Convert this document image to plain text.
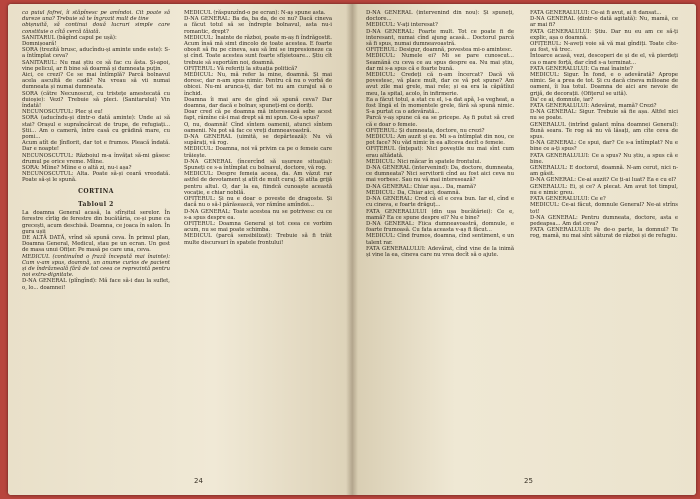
ca puiul fofrei, îi stăpînesc pe amîndoi. Cit poate să dureze una? Trebuie să te îngrozit mult de tine

obișnuită, să continui două lucruri simple care constituie o cîtă cercă tăiată.

SANITARUL (băgînd capul pe ușă):

Domnișoară!

SORA (trezită brusc, aducîndu-și aminte unde este): S-a întîmplat ceva?

SANITARUL: Nu mai știu ce să fac cu ăsta. Și-apoi, vine pelicul, ar fi bine să doarmă și dumneata puțin.

Aici, ce crezi? Ce se mai întîmplă? Parcă bolnavul acela ascultă de cadă? Nu vreau să vii numai dumneata și numai dumneata.

SORA (către Necunoscut, cu tristețe amestecată cu duioșie): Vezi? Trebuie să pleci. (Sanitarului) Vin îndată!

NECUNOSCUTUL: Plec și eu!

SORA (aducîndu-și dintr-o dată aminte): Unde ai să stai? Orașul e supraîncărcat de trupe, de refugiați... Știi... Am o cameră, între casă cu grădină mare, cu pomi...

Acum atît de ]înflorit, dar tot e frumos. Pleacă îndată. Dar e noapte!

NECUNOSCUTUL: Războiul m-a învățat să-mi găsesc drumul pe orice vreme. Mîine.

SORA: Mîine? Mîine e o altă zi, nu-i așa?

NECUNOSCUTUL: Alta. Poate să-și ceară vreodată. Poate să-și le spună.

CORTINA

Tabloul 2

La doamna General acasă, la sfîrșitul serelor. În ferestre cîrlig de ferestre din bucătăria, ce-și pune ca grecești, acum deschisă. Doamna, ce joaca în salon. În gura ușii

DE ALTĂ DATĂ, vrînd să spună ceva. În primul plan, Doamna General, Medicul, stau pe un ecran. Un gest de masa unui Ofițer. Pe masă pe care una, ceva.

MEDICUL (continuînd o frază începută mai înainte): Cum v-am spus, doamnă, un anume curios de pacient și de îndrăzneală fără de tot ceea ce reprezintă pentru noi extra-dignitate.

D-NA GENERAL (plîngînd): Mă face să-i dau la suflet, o, lo... doamnei!

MEDICUL (răspunzînd-o pe ecran): N-aș spune asta.

D-NA GENERAL: Ba da, ba da, de ce nu? Dacă cineva a făcut totul să se îndrepte bolnavul, asta nu-i romantic, drept?

MEDICUL: Înainte de război, poate m-aș fi îndrăgostit. Acum însă mă simt dincolo de toate acestea. E foarte obosit să fiu pe cineva, sau să îmi se impresioneze ca și cînd. Toate acestea sunt foarte sfîșietoare... Știu cît trebuie să suportăm noi, doamnă.

OFIȚERUL: Vă referiți la situația politică?

MEDICUL: Nu, mă refer la mine, doamnă. Și mai doresc, dar n-am spus nimic. Pentru că nu o vorbă de obicei. Nu-mi arunca-ți, dar tot nu am curajul să o închid.

Doamna îi mai are de gînd să spună ceva? Dar doamna, dar dacă e bolnav, spuneți-mi ce doriți.

Doar cred că pe doamna mă interesează sebe acest fapt, rămîne că-i mai drept să mi spun. Ce-a spus?

O, nu, doamnă! Cînd sîntem oamenii, atunci sîntem oamenii. Nu pot să fac ce vreți dumneavoastră.

D-NA GENERAL (uimită, se depărtează): Nu vă supărați, vă rog.

MEDICUL: Doamna, noi vă privim ca pe o femeie care trăiește.

D-NA GENERAL (încercînd să ușureze situația): Spuneți ce s-a întîmplat cu bolnavul, doctore, vă rog.

MEDICUL: Despre femeia aceea, da. Am văzut rar astfel de devotament și atît de mult curaj. Și atîta grijă pentru altul. O, dar la ea, fiindcă cunoaște această vocație, e chiar nobilă.

OFIȚERUL: Și nu e doar o poveste de dragoste. Și dacă nu o să-l părăsească, vor rămîne amîndoi...

D-NA GENERAL: Toate acestea nu se potrivesc cu ce s-a spus despre ea.

OFIȚERUL: Doamna General și tot ceea ce vorbim acum, nu se mai poate schimba.

MEDICUL (parcă sensibilizat): Trebuie să fi trăit multe discursuri în spatele frontului!

24

D-NA GENERAL (intervenind din nou): Și spuneți, doctore...

MEDICUL: V-ați interesat?

D-NA GENERAL: Foarte mult. Tot ce poate fi de interesant, numai cînd ajung acasă... Doctorul parcă să fi spus, numai dumneavoastră.

OFIȚERUL: Desigur, doamnă, povestea mi-o amintesc.

MEDICUL: Numele ei? Mi se pare cunoscut... Seamănă cu ceva ce au spus despre ea. Nu mai știu, dar mi s-a spus că e foarte bună.

MEDICUL: Credeți că n-am încercat? Dacă vă povestesc, vă place mult, dar ce vă pot spune? Am avut zile mai grele, mai rele; și ea era la căpătîiul meu, la spital, acolo, în infirmerie.

Ea a făcut totul, a stat cu el, i-a dat apă, l-a vegheat, a fost lîngă el în momentele grele, fără să spună nimic. S-a purtat ca o adevărată...

Parcă v-aș spune că ea se pricepe. Aș fi putut să cred că e doar o femeie.

OFIȚERUL: Și dumneata, doctore, nu crezi?

MEDICUL: Am auzit și eu. Mi s-a întîmplat din nou, ce pot face? Nu văd nimic în ea altceva decît o femeie.

OFIȚERUL (înțepat): Nici poveștile nu mai sînt cum erau altădată.

MEDICUL: Nici măcar în spatele frontului.

D-NA GENERAL (intervenind): Da, doctore, dumneata, ce dumneata? Nici servitorii cînd au fost aici ceva nu mai vorbesc. Sau nu vă mai interesează?

D-NA GENERAL: Chiar așa... Da, mamă?

MEDICUL: Da, Chiar aici, doamnă.

D-NA GENERAL: Cred că el e ceva bun. Iar el, cînd e cu cineva, e foarte drăguț...

FATA GENERALULUI (din ușa bucătăriei): Ce e, mamă? Ea ce spune despre el? Nu e bine?

D-NA GENERAL: Fiica dumneavoastră, domnule, e foarte frumoasă. Cu fata aceasta v-aș fi făcut...

MEDICUL: Cînd frumos, doamna, cînd sentiment, e un talent rar.

FATA GENERALULUI: Adevărat, cînd vine de la inimă și vine la ea, cineva care nu vrea decît să o ajute.

FATA GENERALULUI: Ce-ai fi avut, ai fi dansat...

D-NA GENERAL (dintr-o dată agitată): Nu, mamă, ce ar mai fi?

FATA GENERALULUI: Știu. Dar nu eu am ce să-ți explic, așa o doamnă.

OFIȚERUL: N-aveți voie să vă mai gîndiți. Toate cîte-au fost, vă trec.

Întoarce acasă, vezi, descoperi de și de el, vă pierdeți ca o mare forță, dar cînd s-a terminat...

FATA GENERALULUI: Ca mai înainte?

MEDICUL: Sigur. În fond, e o adevărată? Aprope nimic. Se a prea de tot. Și cu dacă cineva milioane de oameni, îi lua totul. Doamna de aici are nevoie de grijă, de decorații. (Ofițerul se uită).

Da' ce ai, domnule, iar?

FATA GENERALULUI: Adevărat, mamă? Crezi?

D-NA GENERAL: Sigur. Trebuie să fie așa. Altfel nici nu se poate.

GENERALUL (intrînd galant mîna doamnei General): Bună seara. Te rog să nu vă lăsați, am cîte ceva de spus.

D-NA GENERAL: Ce spui, dar? Ce s-a întîmplat? Nu e bine ce a-ți spus?

FATA GENERALULUI: Ce a spus? Nu știu, a spus că e bine.

GENERALUL: E doctorul, doamnă. N-am cerut, nici n-am găsit.

D-NA GENERAL: Ce-ai auzit? Ce ți-ai luat? Ea e cu el?

GENERALUL: Ei, și ce? A plecat. Am avut tot timpul, nu e nimic greu.

FATA GENERALULUI: Ce e?

MEDICUL: Ce-ai făcut, domnule General? Ne-ai strîns tot!

D-NA GENERAL: Pentru dumneata, doctore, asta e pedeapsa... Am dat ceva?

FATA GENERALULUI: Pe de-o parte, la domnul? Te rog, mamă, nu mai sînt săturat de război și de refugiu.

25
